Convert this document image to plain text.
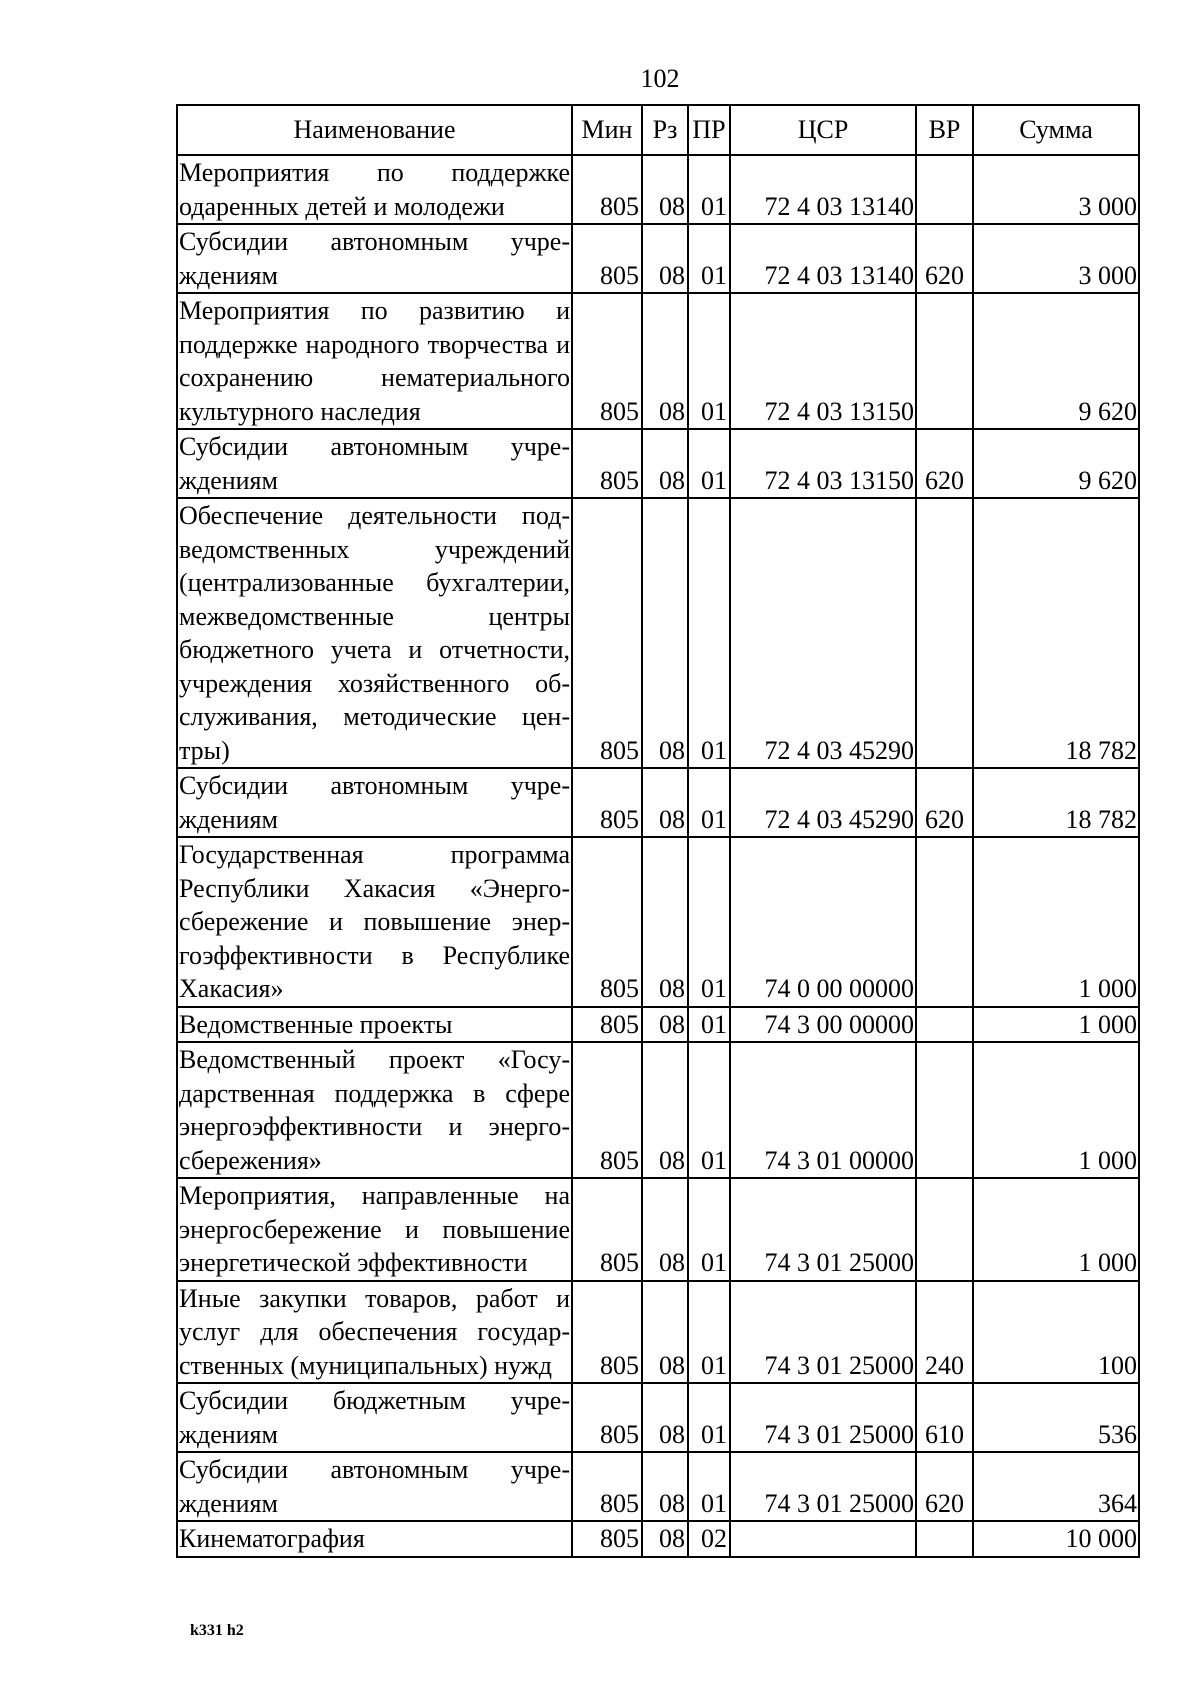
102
Наименование	Мин	Рз	ПР	ЦСР	ВР	Сумма
Мероприятия по поддержке одаренных детей и молодежи	805	08	01	72 4 03 13140		3 000
Субсидии автономным учреждениям	805	08	01	72 4 03 13140	620	3 000
Мероприятия по развитию и поддержке народного творчества и сохранению нематериального культурного наследия	805	08	01	72 4 03 13150		9 620
Субсидии автономным учреждениям	805	08	01	72 4 03 13150	620	9 620
Обеспечение деятельности подведомственных учреждений (централизованные бухгалтерии, межведомственные центры бюджетного учета и отчетности, учреждения хозяйственного обслуживания, методические центры)	805	08	01	72 4 03 45290		18 782
Субсидии автономным учреждениям	805	08	01	72 4 03 45290	620	18 782
Государственная программа Республики Хакасия «Энергосбережение и повышение энергоэффективности в Республике Хакасия»	805	08	01	74 0 00 00000		1 000
Ведомственные проекты	805	08	01	74 3 00 00000		1 000
Ведомственный проект «Государственная поддержка в сфере энергоэффективности и энергосбережения»	805	08	01	74 3 01 00000		1 000
Мероприятия, направленные на энергосбережение и повышение энергетической эффективности	805	08	01	74 3 01 25000		1 000
Иные закупки товаров, работ и услуг для обеспечения государственных (муниципальных) нужд	805	08	01	74 3 01 25000	240	100
Субсидии бюджетным учреждениям	805	08	01	74 3 01 25000	610	536
Субсидии автономным учреждениям	805	08	01	74 3 01 25000	620	364
Кинематография	805	08	02			10 000
k331 h2
